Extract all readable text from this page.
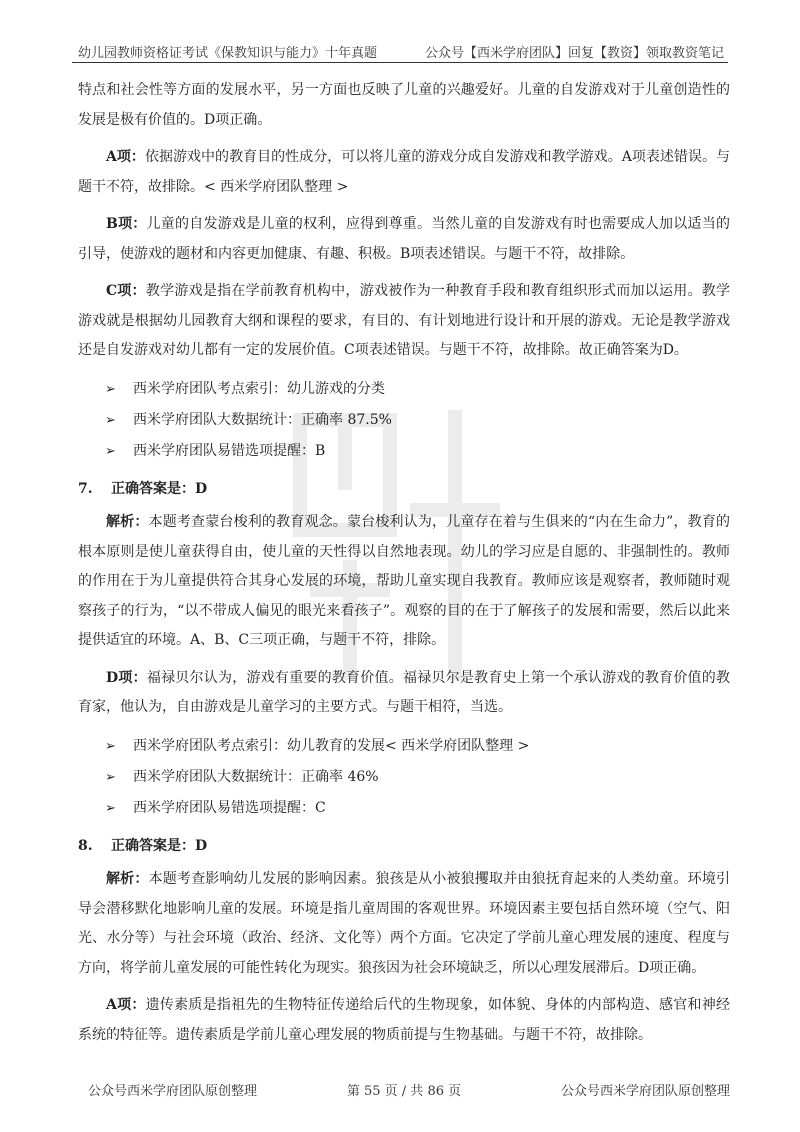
幼儿园教师资格证考试《保教知识与能力》十年真题	公众号【西米学府团队】回复【教资】领取教资笔记

特点和社会性等方面的发展水平，另一方面也反映了儿童的兴趣爱好。儿童的自发游戏对于儿童创造性的发展是极有价值的。D项正确。

A项：依据游戏中的教育目的性成分，可以将儿童的游戏分成自发游戏和教学游戏。A项表述错误。与题干不符，故排除。< 西米学府团队整理 >

B项：儿童的自发游戏是儿童的权利，应得到尊重。当然儿童的自发游戏有时也需要成人加以适当的引导，使游戏的题材和内容更加健康、有趣、积极。B项表述错误。与题干不符，故排除。

C项：教学游戏是指在学前教育机构中，游戏被作为一种教育手段和教育组织形式而加以运用。教学游戏就是根据幼儿园教育大纲和课程的要求，有目的、有计划地进行设计和开展的游戏。无论是教学游戏还是自发游戏对幼儿都有一定的发展价值。C项表述错误。与题干不符，故排除。故正确答案为D。

➢ 西米学府团队考点索引：幼儿游戏的分类
➢ 西米学府团队大数据统计：正确率 87.5%
➢ 西米学府团队易错选项提醒：B
7. 正确答案是：D

解析：本题考查蒙台梭利的教育观念。蒙台梭利认为，儿童存在着与生俱来的“内在生命力”，教育的根本原则是使儿童获得自由，使儿童的天性得以自然地表现。幼儿的学习应是自愿的、非强制性的。教师的作用在于为儿童提供符合其身心发展的环境，帮助儿童实现自我教育。教师应该是观察者，教师随时观察孩子的行为，“以不带成人偏见的眼光来看孩子”。观察的目的在于了解孩子的发展和需要，然后以此来提供适宜的环境。A、B、C三项正确，与题干不符，排除。

D项：福禄贝尔认为，游戏有重要的教育价值。福禄贝尔是教育史上第一个承认游戏的教育价值的教育家，他认为，自由游戏是儿童学习的主要方式。与题干相符，当选。

➢ 西米学府团队考点索引：幼儿教育的发展< 西米学府团队整理 >
➢ 西米学府团队大数据统计：正确率 46%
➢ 西米学府团队易错选项提醒：C
8. 正确答案是：D

解析：本题考查影响幼儿发展的影响因素。狼孩是从小被狼攫取并由狼抚育起来的人类幼童。环境引导会潜移默化地影响儿童的发展。环境是指儿童周围的客观世界。环境因素主要包括自然环境（空气、阳光、水分等）与社会环境（政治、经济、文化等）两个方面。它决定了学前儿童心理发展的速度、程度与方向，将学前儿童发展的可能性转化为现实。狼孩因为社会环境缺乏，所以心理发展滞后。D项正确。

A项：遗传素质是指祖先的生物特征传递给后代的生物现象，如体貌、身体的内部构造、感官和神经系统的特征等。遗传素质是学前儿童心理发展的物质前提与生物基础。与题干不符，故排除。

公众号西米学府团队原创整理	第 55 页 / 共 86 页	公众号西米学府团队原创整理
